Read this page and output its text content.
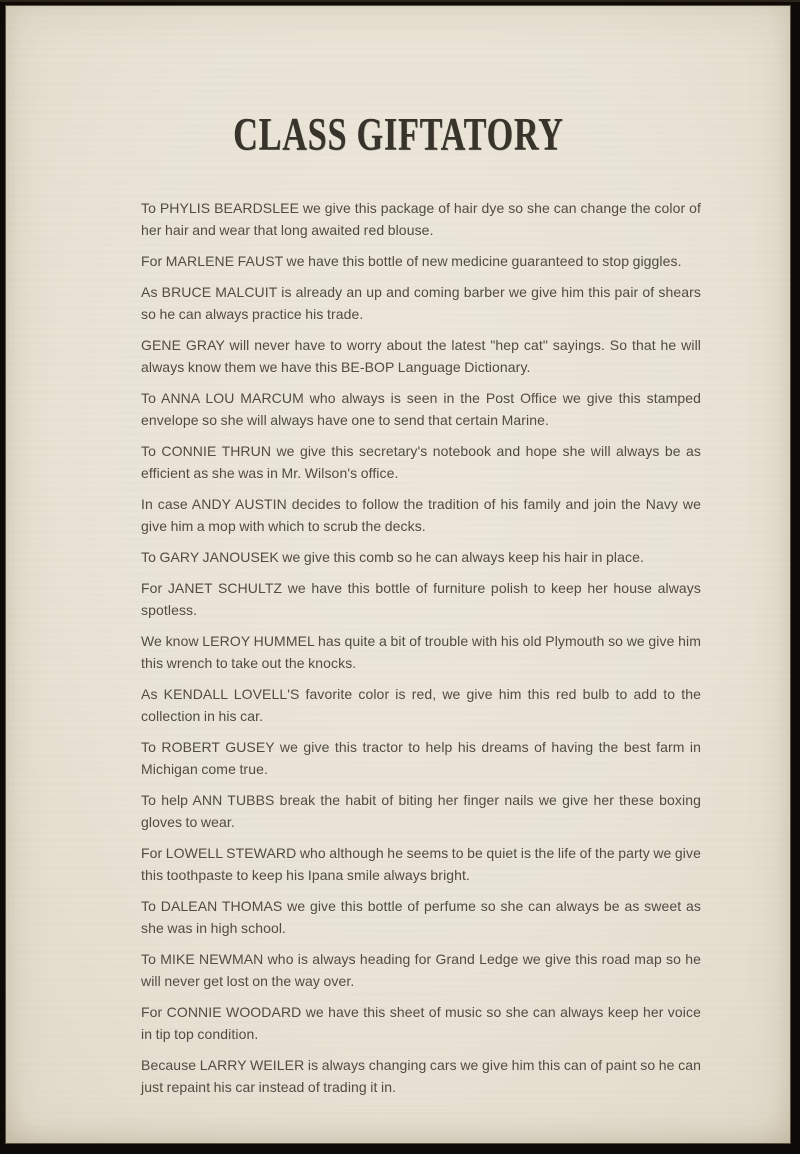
CLASS GIFTATORY

To PHYLIS BEARDSLEE we give this package of hair dye so she can change the color of her hair and wear that long awaited red blouse.

For MARLENE FAUST we have this bottle of new medicine guaranteed to stop giggles.

As BRUCE MALCUIT is already an up and coming barber we give him this pair of shears so he can always practice his trade.

GENE GRAY will never have to worry about the latest "hep cat" sayings. So that he will always know them we have this BE-BOP Language Dictionary.

To ANNA LOU MARCUM who always is seen in the Post Office we give this stamped envelope so she will always have one to send that certain Marine.

To CONNIE THRUN we give this secretary's notebook and hope she will always be as efficient as she was in Mr. Wilson's office.

In case ANDY AUSTIN decides to follow the tradition of his family and join the Navy we give him a mop with which to scrub the decks.

To GARY JANOUSEK we give this comb so he can always keep his hair in place.

For JANET SCHULTZ we have this bottle of furniture polish to keep her house always spotless.

We know LEROY HUMMEL has quite a bit of trouble with his old Plymouth so we give him this wrench to take out the knocks.

As KENDALL LOVELL'S favorite color is red, we give him this red bulb to add to the collection in his car.

To ROBERT GUSEY we give this tractor to help his dreams of having the best farm in Michigan come true.

To help ANN TUBBS break the habit of biting her finger nails we give her these boxing gloves to wear.

For LOWELL STEWARD who although he seems to be quiet is the life of the party we give this toothpaste to keep his Ipana smile always bright.

To DALEAN THOMAS we give this bottle of perfume so she can always be as sweet as she was in high school.

To MIKE NEWMAN who is always heading for Grand Ledge we give this road map so he will never get lost on the way over.

For CONNIE WOODARD we have this sheet of music so she can always keep her voice in tip top condition.

Because LARRY WEILER is always changing cars we give him this can of paint so he can just repaint his car instead of trading it in.
